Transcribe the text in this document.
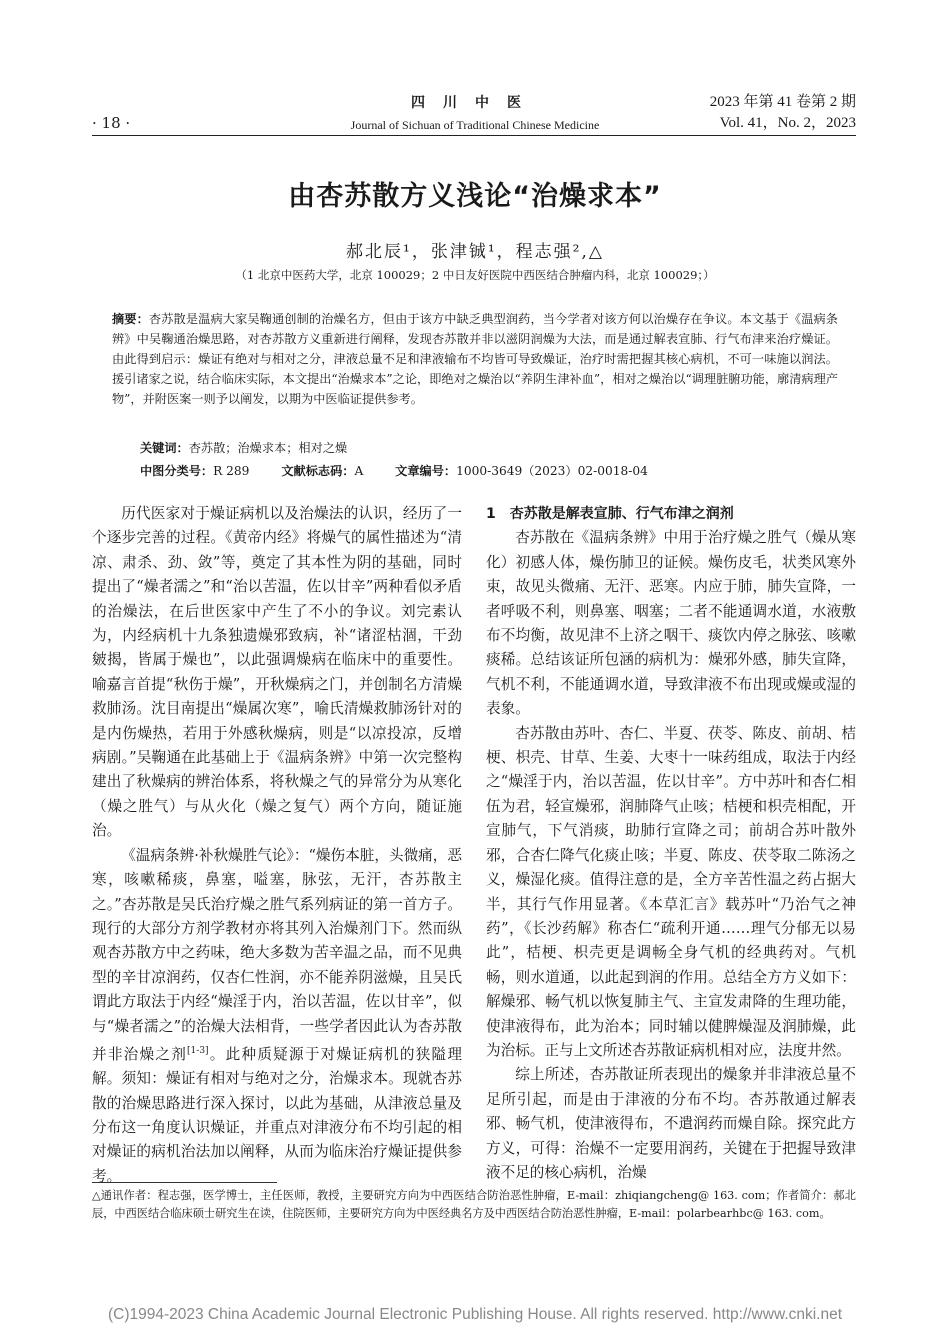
· 18 ·
四川中医
Journal of Sichuan of Traditional Chinese Medicine
2023 年第 41 卷第 2 期
Vol. 41，No. 2，2023
由杏苏散方义浅论“治燥求本”
郝北辰¹，张津铖¹，程志强²,△
（1 北京中医药大学，北京 100029；2 中日友好医院中西医结合肿瘤内科，北京 100029；）
摘要：杏苏散是温病大家吴鞠通创制的治燥名方，但由于该方中缺乏典型润药，当今学者对该方何以治燥存在争议。本文基于《温病条辨》中吴鞠通治燥思路，对杏苏散方义重新进行阐释，发现杏苏散并非以滋阴润燥为大法，而是通过解表宣肺、行气布津来治疗燥证。由此得到启示：燥证有绝对与相对之分，津液总量不足和津液输布不均皆可导致燥证，治疗时需把握其核心病机，不可一味施以润法。援引诸家之说，结合临床实际，本文提出“治燥求本”之论，即绝对之燥治以“养阴生津补血”，相对之燥治以“调理脏腑功能，廓清病理产物”，并附医案一则予以阐发，以期为中医临证提供参考。
关键词：杏苏散；治燥求本；相对之燥
中图分类号：R 289	文献标志码：A	文章编号：1000-3649（2023）02-0018-04

历代医家对于燥证病机以及治燥法的认识，经历了一个逐步完善的过程。《黄帝内经》将燥气的属性描述为“清凉、肃杀、劲、敛”等，奠定了其本性为阴的基础，同时提出了“燥者濡之”和“治以苦温，佐以甘辛”两种看似矛盾的治燥法，在后世医家中产生了不小的争议。刘完素认为，内经病机十九条独遗燥邪致病，补“诸涩枯涸，干劲皴揭，皆属于燥也”，以此强调燥病在临床中的重要性。喻嘉言首提“秋伤于燥”，开秋燥病之门，并创制名方清燥救肺汤。沈目南提出“燥属次寒”，喻氏清燥救肺汤针对的是内伤燥热，若用于外感秋燥病，则是“以凉投凉，反增病剧。”吴鞠通在此基础上于《温病条辨》中第一次完整构建出了秋燥病的辨治体系，将秋燥之气的异常分为从寒化（燥之胜气）与从火化（燥之复气）两个方向，随证施治。

《温病条辨·补秋燥胜气论》：“燥伤本脏，头微痛，恶寒，咳嗽稀痰，鼻塞，嗌塞，脉弦，无汗，杏苏散主之。”杏苏散是吴氏治疗燥之胜气系列病证的第一首方子。现行的大部分方剂学教材亦将其列入治燥剂门下。然而纵观杏苏散方中之药味，绝大多数为苦辛温之品，而不见典型的辛甘凉润药，仅杏仁性润，亦不能养阴滋燥，且吴氏谓此方取法于内经“燥淫于内，治以苦温，佐以甘辛”，似与“燥者濡之”的治燥大法相背，一些学者因此认为杏苏散并非治燥之剂[1-3]。此种质疑源于对燥证病机的狭隘理解。须知：燥证有相对与绝对之分，治燥求本。现就杏苏散的治燥思路进行深入探讨，以此为基础，从津液总量及分布这一角度认识燥证，并重点对津液分布不均引起的相对燥证的病机治法加以阐释，从而为临床治疗燥证提供参考。

1　杏苏散是解表宣肺、行气布津之润剂

杏苏散在《温病条辨》中用于治疗燥之胜气（燥从寒化）初感人体，燥伤肺卫的证候。燥伤皮毛，状类风寒外束，故见头微痛、无汗、恶寒。内应于肺，肺失宣降，一者呼吸不利，则鼻塞、咽塞；二者不能通调水道，水液敷布不均衡，故见津不上济之咽干、痰饮内停之脉弦、咳嗽痰稀。总结该证所包涵的病机为：燥邪外感，肺失宣降，气机不利，不能通调水道，导致津液不布出现或燥或湿的表象。

杏苏散由苏叶、杏仁、半夏、茯苓、陈皮、前胡、桔梗、枳壳、甘草、生姜、大枣十一味药组成，取法于内经之“燥淫于内，治以苦温，佐以甘辛”。方中苏叶和杏仁相伍为君，轻宣燥邪，润肺降气止咳；桔梗和枳壳相配，开宣肺气，下气消痰，助肺行宣降之司；前胡合苏叶散外邪，合杏仁降气化痰止咳；半夏、陈皮、茯苓取二陈汤之义，燥湿化痰。值得注意的是，全方辛苦性温之药占据大半，其行气作用显著。《本草汇言》载苏叶“乃治气之神药”，《长沙药解》称杏仁“疏利开通……理气分郁无以易此”，桔梗、枳壳更是调畅全身气机的经典药对。气机畅，则水道通，以此起到润的作用。总结全方方义如下：解燥邪、畅气机以恢复肺主气、主宣发肃降的生理功能，使津液得布，此为治本；同时辅以健脾燥湿及润肺燥，此为治标。正与上文所述杏苏散证病机相对应，法度井然。

综上所述，杏苏散证所表现出的燥象并非津液总量不足所引起，而是由于津液的分布不均。杏苏散通过解表邪、畅气机，使津液得布，不遣润药而燥自除。探究此方方义，可得：治燥不一定要用润药，关键在于把握导致津液不足的核心病机，治燥

△通讯作者：程志强，医学博士，主任医师，教授，主要研究方向为中西医结合防治恶性肿瘤，E-mail：zhiqiangcheng@ 163. com；作者简介：郝北辰，中西医结合临床硕士研究生在读，住院医师，主要研究方向为中医经典名方及中西医结合防治恶性肿瘤，E-mail：polarbearhbc@ 163. com。
(C)1994-2023 China Academic Journal Electronic Publishing House. All rights reserved. http://www.cnki.net
